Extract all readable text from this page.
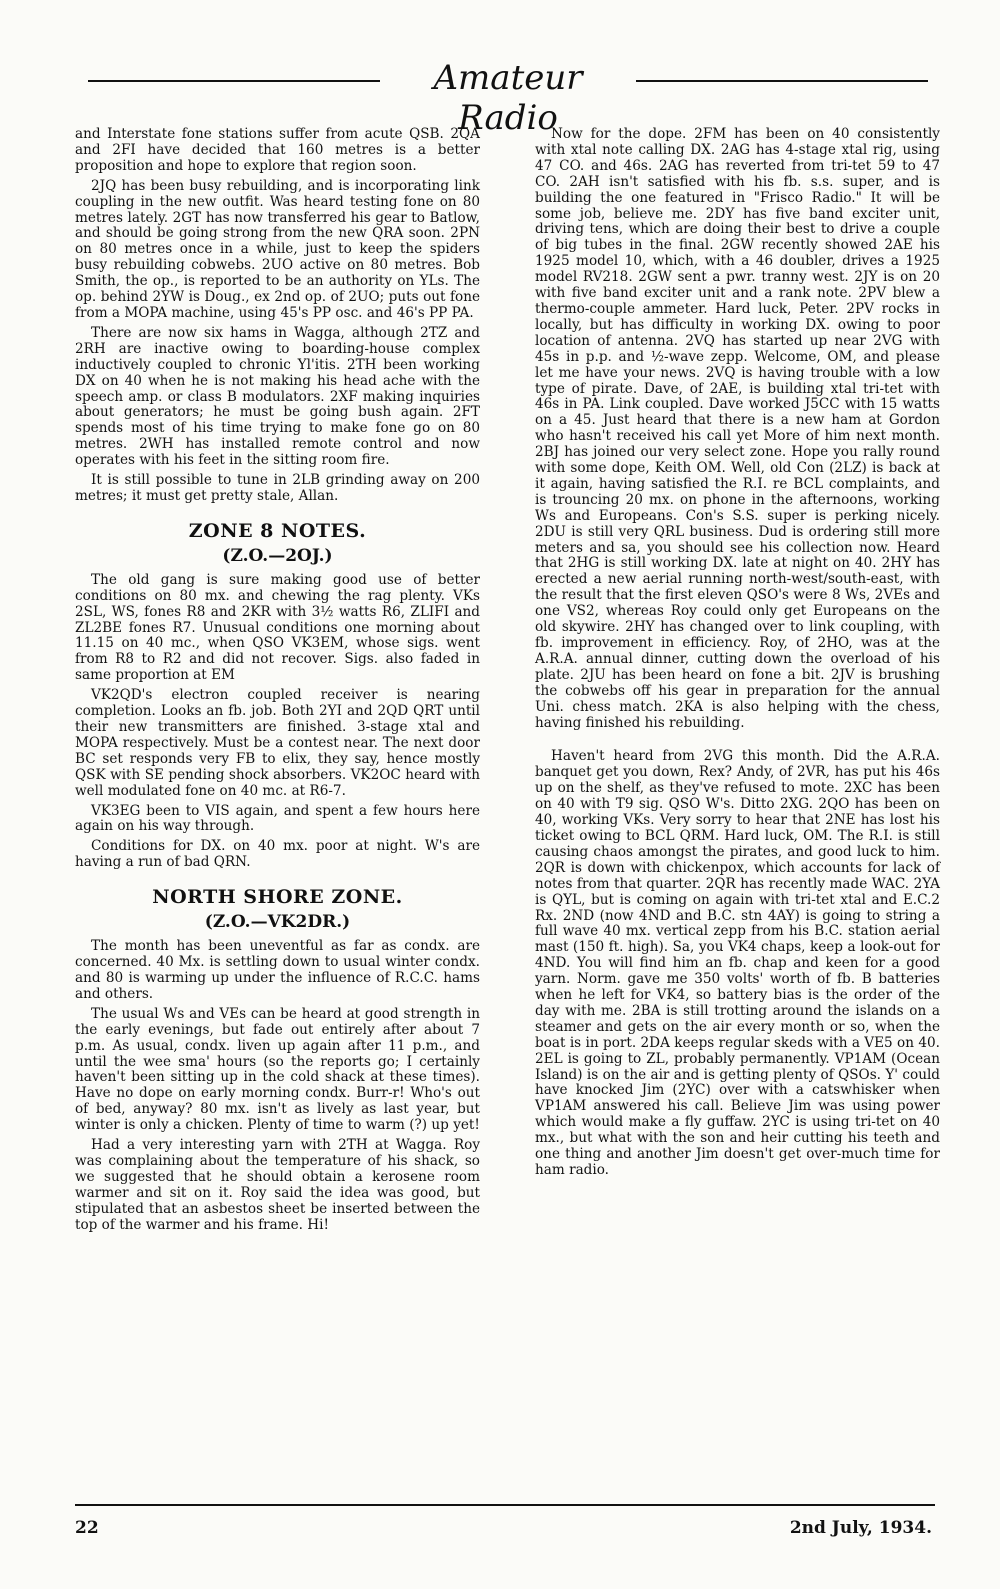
Amateur Radio

and Interstate fone stations suffer from acute QSB. 2QA and 2FI have decided that 160 metres is a better proposition and hope to explore that region soon.

2JQ has been busy rebuilding, and is incorporating link coupling in the new outfit. Was heard testing fone on 80 metres lately. 2GT has now transferred his gear to Batlow, and should be going strong from the new QRA soon. 2PN on 80 metres once in a while, just to keep the spiders busy rebuilding cobwebs. 2UO active on 80 metres. Bob Smith, the op., is reported to be an authority on YLs. The op. behind 2YW is Doug., ex 2nd op. of 2UO; puts out fone from a MOPA machine, using 45's PP osc. and 46's PP PA.

There are now six hams in Wagga, although 2TZ and 2RH are inactive owing to boarding-house complex inductively coupled to chronic Yl'itis. 2TH been working DX on 40 when he is not making his head ache with the speech amp. or class B modulators. 2XF making inquiries about generators; he must be going bush again. 2FT spends most of his time trying to make fone go on 80 metres. 2WH has installed remote control and now operates with his feet in the sitting room fire.

It is still possible to tune in 2LB grinding away on 200 metres; it must get pretty stale, Allan.

ZONE 8 NOTES.
(Z.O.—2OJ.)

The old gang is sure making good use of better conditions on 80 mx. and chewing the rag plenty. VKs 2SL, WS, fones R8 and 2KR with 3½ watts R6, ZLIFI and ZL2BE fones R7. Unusual conditions one morning about 11.15 on 40 mc., when QSO VK3EM, whose sigs. went from R8 to R2 and did not recover. Sigs. also faded in same proportion at EM

VK2QD's electron coupled receiver is nearing completion. Looks an fb. job. Both 2YI and 2QD QRT until their new transmitters are finished. 3-stage xtal and MOPA respectively. Must be a contest near. The next door BC set responds very FB to elix, they say, hence mostly QSK with SE pending shock absorbers. VK2OC heard with well modulated fone on 40 mc. at R6-7.

VK3EG been to VIS again, and spent a few hours here again on his way through.

Conditions for DX. on 40 mx. poor at night. W's are having a run of bad QRN.

NORTH SHORE ZONE.
(Z.O.—VK2DR.)

The month has been uneventful as far as condx. are concerned. 40 Mx. is settling down to usual winter condx. and 80 is warming up under the influence of R.C.C. hams and others.

The usual Ws and VEs can be heard at good strength in the early evenings, but fade out entirely after about 7 p.m. As usual, condx. liven up again after 11 p.m., and until the wee sma' hours (so the reports go; I certainly haven't been sitting up in the cold shack at these times). Have no dope on early morning condx. Burr-r! Who's out of bed, anyway? 80 mx. isn't as lively as last year, but winter is only a chicken. Plenty of time to warm (?) up yet!

Had a very interesting yarn with 2TH at Wagga. Roy was complaining about the temperature of his shack, so we suggested that he should obtain a kerosene room warmer and sit on it. Roy said the idea was good, but stipulated that an asbestos sheet be inserted between the top of the warmer and his frame. Hi!

Now for the dope. 2FM has been on 40 consistently with xtal note calling DX. 2AG has 4-stage xtal rig, using 47 CO. and 46s. 2AG has reverted from tri-tet 59 to 47 CO. 2AH isn't satisfied with his fb. s.s. super, and is building the one featured in "Frisco Radio." It will be some job, believe me. 2DY has five band exciter unit, driving tens, which are doing their best to drive a couple of big tubes in the final. 2GW recently showed 2AE his 1925 model 10, which, with a 46 doubler, drives a 1925 model RV218. 2GW sent a pwr. tranny west. 2JY is on 20 with five band exciter unit and a rank note. 2PV blew a thermo-couple ammeter. Hard luck, Peter. 2PV rocks in locally, but has difficulty in working DX. owing to poor location of antenna. 2VQ has started up near 2VG with 45s in p.p. and ½-wave zepp. Welcome, OM, and please let me have your news. 2VQ is having trouble with a low type of pirate. Dave, of 2AE, is building xtal tri-tet with 46s in PA. Link coupled. Dave worked J5CC with 15 watts on a 45. Just heard that there is a new ham at Gordon who hasn't received his call yet More of him next month. 2BJ has joined our very select zone. Hope you rally round with some dope, Keith OM. Well, old Con (2LZ) is back at it again, having satisfied the R.I. re BCL complaints, and is trouncing 20 mx. on phone in the afternoons, working Ws and Europeans. Con's S.S. super is perking nicely. 2DU is still very QRL business. Dud is ordering still more meters and sa, you should see his collection now. Heard that 2HG is still working DX. late at night on 40. 2HY has erected a new aerial running north-west/south-east, with the result that the first eleven QSO's were 8 Ws, 2VEs and one VS2, whereas Roy could only get Europeans on the old skywire. 2HY has changed over to link coupling, with fb. improvement in efficiency. Roy, of 2HO, was at the A.R.A. annual dinner, cutting down the overload of his plate. 2JU has been heard on fone a bit. 2JV is brushing the cobwebs off his gear in preparation for the annual Uni. chess match. 2KA is also helping with the chess, having finished his rebuilding.

Haven't heard from 2VG this month. Did the A.R.A. banquet get you down, Rex? Andy, of 2VR, has put his 46s up on the shelf, as they've refused to mote. 2XC has been on 40 with T9 sig. QSO W's. Ditto 2XG. 2QO has been on 40, working VKs. Very sorry to hear that 2NE has lost his ticket owing to BCL QRM. Hard luck, OM. The R.I. is still causing chaos amongst the pirates, and good luck to him. 2QR is down with chickenpox, which accounts for lack of notes from that quarter. 2QR has recently made WAC. 2YA is QYL, but is coming on again with tri-tet xtal and E.C.2 Rx. 2ND (now 4ND and B.C. stn 4AY) is going to string a full wave 40 mx. vertical zepp from his B.C. station aerial mast (150 ft. high). Sa, you VK4 chaps, keep a look-out for 4ND. You will find him an fb. chap and keen for a good yarn. Norm. gave me 350 volts' worth of fb. B batteries when he left for VK4, so battery bias is the order of the day with me. 2BA is still trotting around the islands on a steamer and gets on the air every month or so, when the boat is in port. 2DA keeps regular skeds with a VE5 on 40. 2EL is going to ZL, probably permanently. VP1AM (Ocean Island) is on the air and is getting plenty of QSOs. Y' could have knocked Jim (2YC) over with a catswhisker when VP1AM answered his call. Believe Jim was using power which would make a fly guffaw. 2YC is using tri-tet on 40 mx., but what with the son and heir cutting his teeth and one thing and another Jim doesn't get over-much time for ham radio.

22	2nd July, 1934.
